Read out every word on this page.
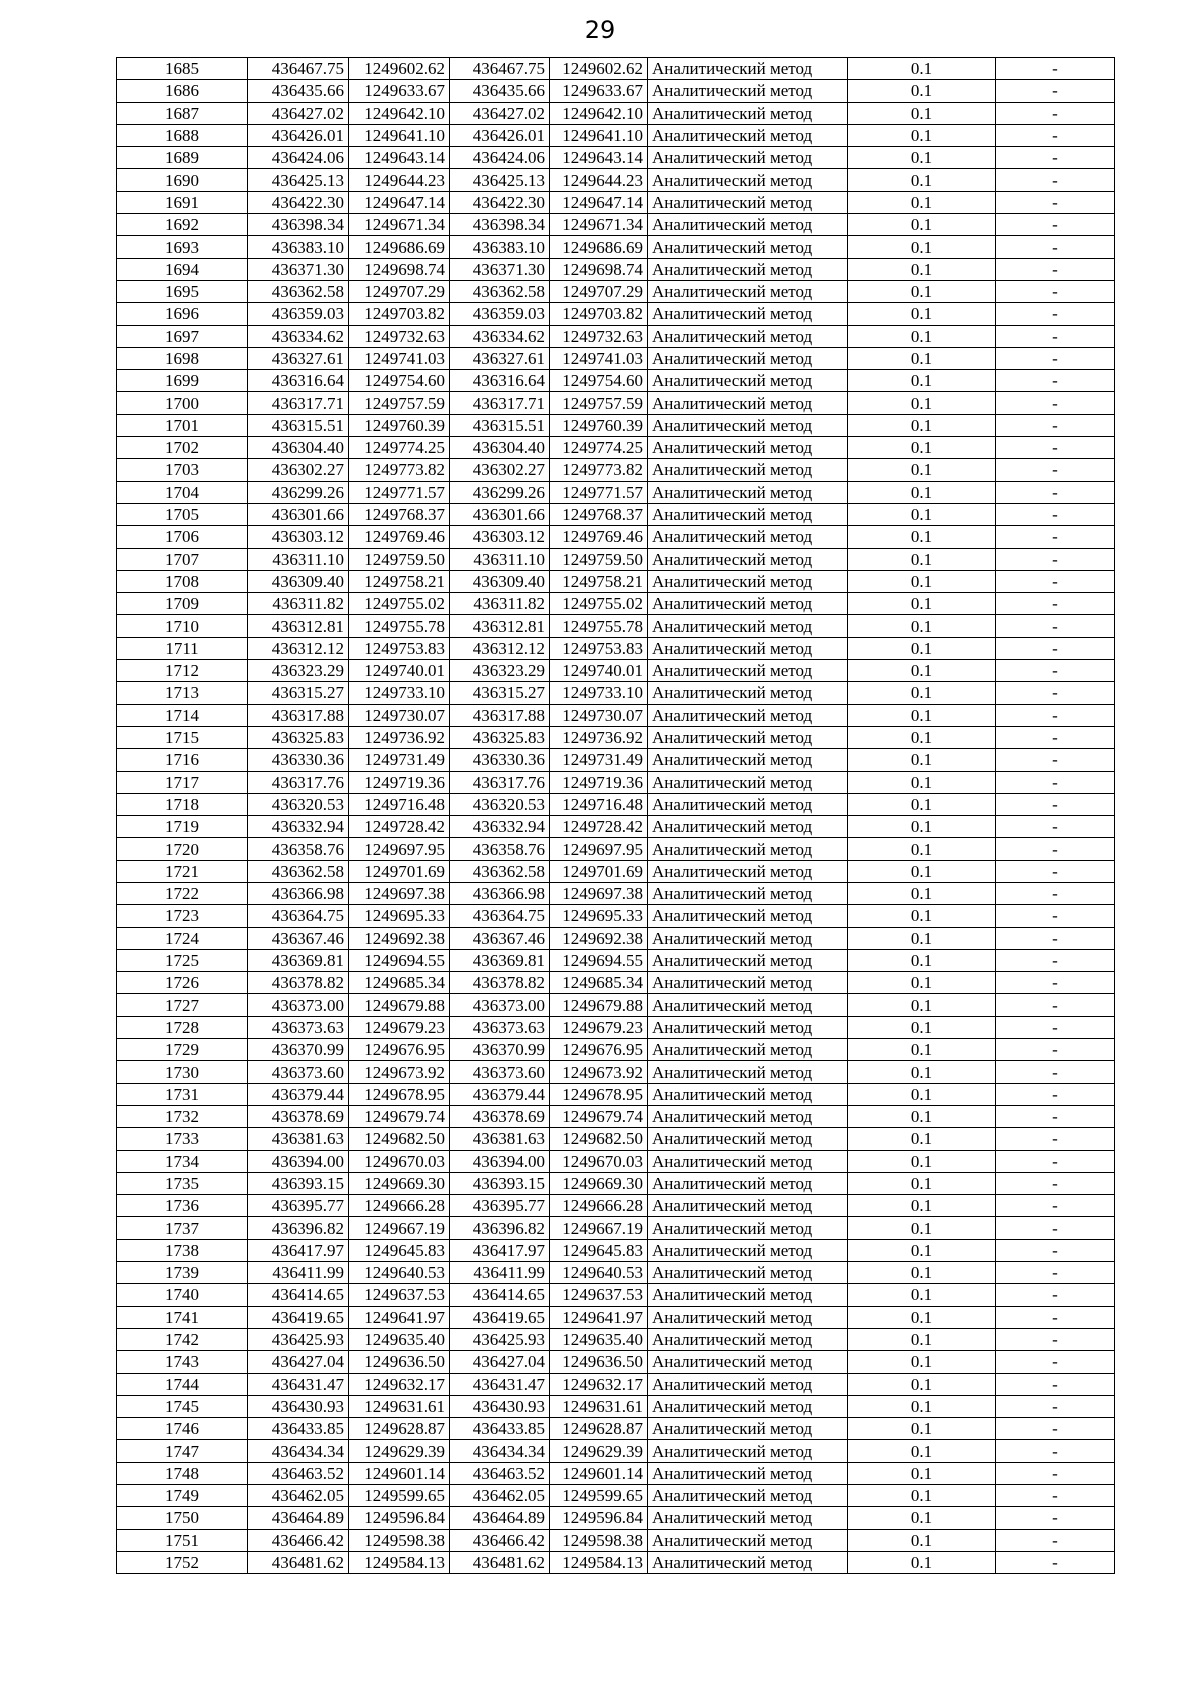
29
1685	436467.75	1249602.62	436467.75	1249602.62	Аналитический метод	0.1	-
1686	436435.66	1249633.67	436435.66	1249633.67	Аналитический метод	0.1	-
1687	436427.02	1249642.10	436427.02	1249642.10	Аналитический метод	0.1	-
1688	436426.01	1249641.10	436426.01	1249641.10	Аналитический метод	0.1	-
1689	436424.06	1249643.14	436424.06	1249643.14	Аналитический метод	0.1	-
1690	436425.13	1249644.23	436425.13	1249644.23	Аналитический метод	0.1	-
1691	436422.30	1249647.14	436422.30	1249647.14	Аналитический метод	0.1	-
1692	436398.34	1249671.34	436398.34	1249671.34	Аналитический метод	0.1	-
1693	436383.10	1249686.69	436383.10	1249686.69	Аналитический метод	0.1	-
1694	436371.30	1249698.74	436371.30	1249698.74	Аналитический метод	0.1	-
1695	436362.58	1249707.29	436362.58	1249707.29	Аналитический метод	0.1	-
1696	436359.03	1249703.82	436359.03	1249703.82	Аналитический метод	0.1	-
1697	436334.62	1249732.63	436334.62	1249732.63	Аналитический метод	0.1	-
1698	436327.61	1249741.03	436327.61	1249741.03	Аналитический метод	0.1	-
1699	436316.64	1249754.60	436316.64	1249754.60	Аналитический метод	0.1	-
1700	436317.71	1249757.59	436317.71	1249757.59	Аналитический метод	0.1	-
1701	436315.51	1249760.39	436315.51	1249760.39	Аналитический метод	0.1	-
1702	436304.40	1249774.25	436304.40	1249774.25	Аналитический метод	0.1	-
1703	436302.27	1249773.82	436302.27	1249773.82	Аналитический метод	0.1	-
1704	436299.26	1249771.57	436299.26	1249771.57	Аналитический метод	0.1	-
1705	436301.66	1249768.37	436301.66	1249768.37	Аналитический метод	0.1	-
1706	436303.12	1249769.46	436303.12	1249769.46	Аналитический метод	0.1	-
1707	436311.10	1249759.50	436311.10	1249759.50	Аналитический метод	0.1	-
1708	436309.40	1249758.21	436309.40	1249758.21	Аналитический метод	0.1	-
1709	436311.82	1249755.02	436311.82	1249755.02	Аналитический метод	0.1	-
1710	436312.81	1249755.78	436312.81	1249755.78	Аналитический метод	0.1	-
1711	436312.12	1249753.83	436312.12	1249753.83	Аналитический метод	0.1	-
1712	436323.29	1249740.01	436323.29	1249740.01	Аналитический метод	0.1	-
1713	436315.27	1249733.10	436315.27	1249733.10	Аналитический метод	0.1	-
1714	436317.88	1249730.07	436317.88	1249730.07	Аналитический метод	0.1	-
1715	436325.83	1249736.92	436325.83	1249736.92	Аналитический метод	0.1	-
1716	436330.36	1249731.49	436330.36	1249731.49	Аналитический метод	0.1	-
1717	436317.76	1249719.36	436317.76	1249719.36	Аналитический метод	0.1	-
1718	436320.53	1249716.48	436320.53	1249716.48	Аналитический метод	0.1	-
1719	436332.94	1249728.42	436332.94	1249728.42	Аналитический метод	0.1	-
1720	436358.76	1249697.95	436358.76	1249697.95	Аналитический метод	0.1	-
1721	436362.58	1249701.69	436362.58	1249701.69	Аналитический метод	0.1	-
1722	436366.98	1249697.38	436366.98	1249697.38	Аналитический метод	0.1	-
1723	436364.75	1249695.33	436364.75	1249695.33	Аналитический метод	0.1	-
1724	436367.46	1249692.38	436367.46	1249692.38	Аналитический метод	0.1	-
1725	436369.81	1249694.55	436369.81	1249694.55	Аналитический метод	0.1	-
1726	436378.82	1249685.34	436378.82	1249685.34	Аналитический метод	0.1	-
1727	436373.00	1249679.88	436373.00	1249679.88	Аналитический метод	0.1	-
1728	436373.63	1249679.23	436373.63	1249679.23	Аналитический метод	0.1	-
1729	436370.99	1249676.95	436370.99	1249676.95	Аналитический метод	0.1	-
1730	436373.60	1249673.92	436373.60	1249673.92	Аналитический метод	0.1	-
1731	436379.44	1249678.95	436379.44	1249678.95	Аналитический метод	0.1	-
1732	436378.69	1249679.74	436378.69	1249679.74	Аналитический метод	0.1	-
1733	436381.63	1249682.50	436381.63	1249682.50	Аналитический метод	0.1	-
1734	436394.00	1249670.03	436394.00	1249670.03	Аналитический метод	0.1	-
1735	436393.15	1249669.30	436393.15	1249669.30	Аналитический метод	0.1	-
1736	436395.77	1249666.28	436395.77	1249666.28	Аналитический метод	0.1	-
1737	436396.82	1249667.19	436396.82	1249667.19	Аналитический метод	0.1	-
1738	436417.97	1249645.83	436417.97	1249645.83	Аналитический метод	0.1	-
1739	436411.99	1249640.53	436411.99	1249640.53	Аналитический метод	0.1	-
1740	436414.65	1249637.53	436414.65	1249637.53	Аналитический метод	0.1	-
1741	436419.65	1249641.97	436419.65	1249641.97	Аналитический метод	0.1	-
1742	436425.93	1249635.40	436425.93	1249635.40	Аналитический метод	0.1	-
1743	436427.04	1249636.50	436427.04	1249636.50	Аналитический метод	0.1	-
1744	436431.47	1249632.17	436431.47	1249632.17	Аналитический метод	0.1	-
1745	436430.93	1249631.61	436430.93	1249631.61	Аналитический метод	0.1	-
1746	436433.85	1249628.87	436433.85	1249628.87	Аналитический метод	0.1	-
1747	436434.34	1249629.39	436434.34	1249629.39	Аналитический метод	0.1	-
1748	436463.52	1249601.14	436463.52	1249601.14	Аналитический метод	0.1	-
1749	436462.05	1249599.65	436462.05	1249599.65	Аналитический метод	0.1	-
1750	436464.89	1249596.84	436464.89	1249596.84	Аналитический метод	0.1	-
1751	436466.42	1249598.38	436466.42	1249598.38	Аналитический метод	0.1	-
1752	436481.62	1249584.13	436481.62	1249584.13	Аналитический метод	0.1	-
